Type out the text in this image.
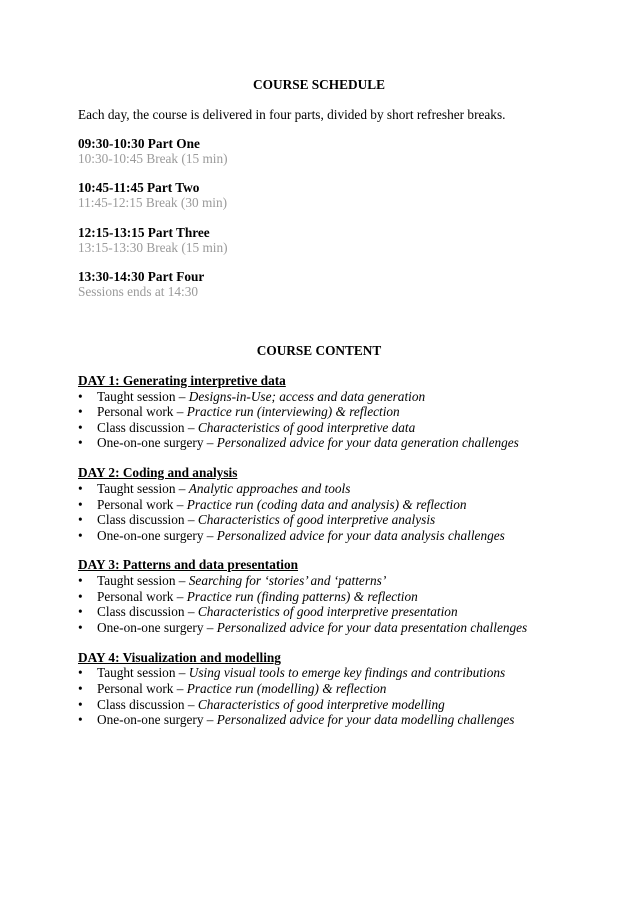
COURSE SCHEDULE
Each day, the course is delivered in four parts, divided by short refresher breaks.
09:30-10:30 Part One
10:30-10:45 Break (15 min)
10:45-11:45 Part Two
11:45-12:15 Break (30 min)
12:15-13:15 Part Three
13:15-13:30 Break (15 min)
13:30-14:30 Part Four
Sessions ends at 14:30
COURSE CONTENT
DAY 1: Generating interpretive data
•	Taught session – Designs-in-Use; access and data generation
•	Personal work – Practice run (interviewing) & reflection
•	Class discussion – Characteristics of good interpretive data
•	One-on-one surgery – Personalized advice for your data generation challenges
DAY 2: Coding and analysis
•	Taught session – Analytic approaches and tools
•	Personal work – Practice run (coding data and analysis) & reflection
•	Class discussion – Characteristics of good interpretive analysis
•	One-on-one surgery – Personalized advice for your data analysis challenges
DAY 3: Patterns and data presentation
•	Taught session – Searching for ‘stories’ and ‘patterns’
•	Personal work – Practice run (finding patterns) & reflection
•	Class discussion – Characteristics of good interpretive presentation
•	One-on-one surgery – Personalized advice for your data presentation challenges
DAY 4: Visualization and modelling
•	Taught session – Using visual tools to emerge key findings and contributions
•	Personal work – Practice run (modelling) & reflection
•	Class discussion – Characteristics of good interpretive modelling
•	One-on-one surgery – Personalized advice for your data modelling challenges
